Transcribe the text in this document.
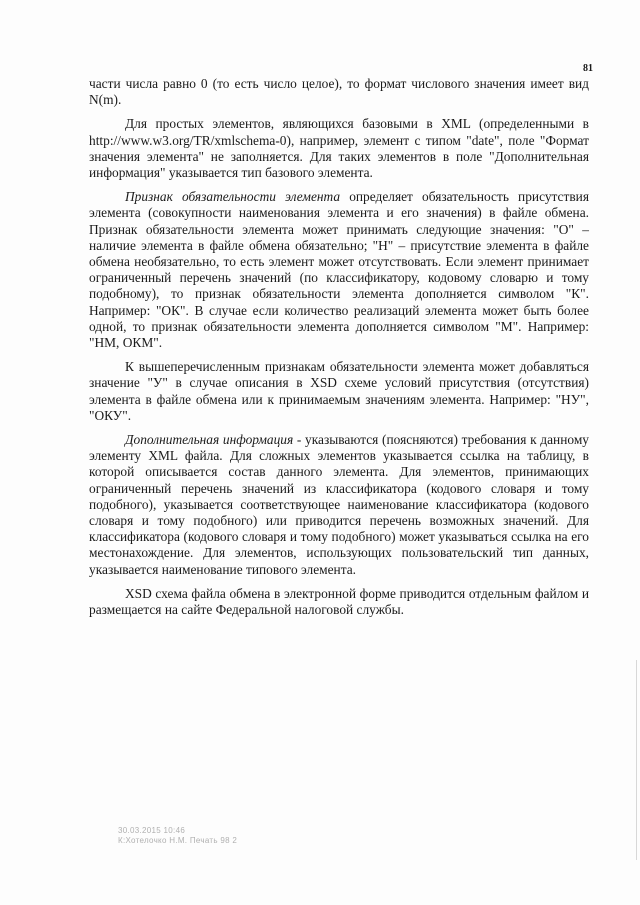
81

части числа равно 0 (то есть число целое), то формат числового значения имеет вид N(m).

Для простых элементов, являющихся базовыми в XML (определенными в http://www.w3.org/TR/xmlschema-0), например, элемент с типом "date", поле "Формат значения элемента" не заполняется. Для таких элементов в поле "Дополнительная информация" указывается тип базового элемента.

Признак обязательности элемента определяет обязательность присутствия элемента (совокупности наименования элемента и его значения) в файле обмена. Признак обязательности элемента может принимать следующие значения: "О" – наличие элемента в файле обмена обязательно; "Н" – присутствие элемента в файле обмена необязательно, то есть элемент может отсутствовать. Если элемент принимает ограниченный перечень значений (по классификатору, кодовому словарю и тому подобному), то признак обязательности элемента дополняется символом "К". Например: "ОК". В случае если количество реализаций элемента может быть более одной, то признак обязательности элемента дополняется символом "М". Например: "НМ, ОКМ".

К вышеперечисленным признакам обязательности элемента может добавляться значение "У" в случае описания в XSD схеме условий присутствия (отсутствия) элемента в файле обмена или к принимаемым значениям элемента. Например: "НУ", "ОКУ".

Дополнительная информация - указываются (поясняются) требования к данному элементу XML файла. Для сложных элементов указывается ссылка на таблицу, в которой описывается состав данного элемента. Для элементов, принимающих ограниченный перечень значений из классификатора (кодового словаря и тому подобного), указывается соответствующее наименование классификатора (кодового словаря и тому подобного) или приводится перечень возможных значений. Для классификатора (кодового словаря и тому подобного) может указываться ссылка на его местонахождение. Для элементов, использующих пользовательский тип данных, указывается наименование типового элемента.

XSD схема файла обмена в электронной форме приводится отдельным файлом и размещается на сайте Федеральной налоговой службы.

30.03.2015 10:46
К:Хотелочко Н.М. Печать 98 2
